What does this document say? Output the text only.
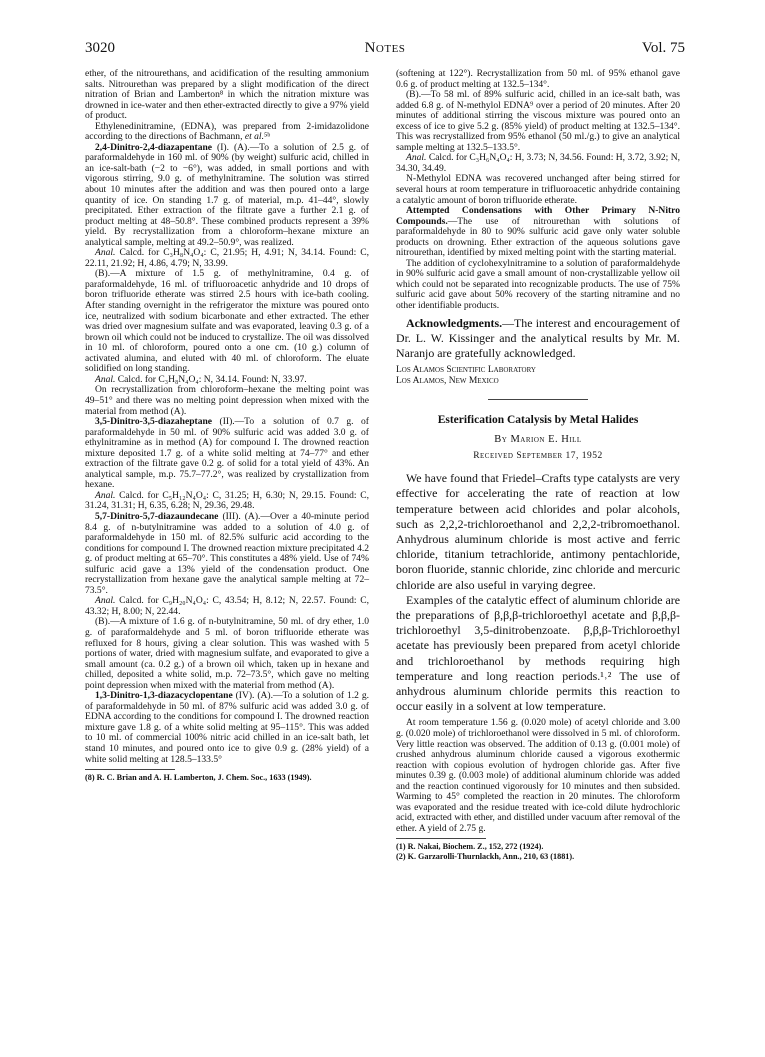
3020	Notes	Vol. 75

ether, of the nitrourethans, and acidification of the resulting ammonium salts. Nitrourethan was prepared by a slight modification of the direct nitration of Brian and Lamberton⁸ in which the nitration mixture was drowned in ice-water and then ether-extracted directly to give a 97% yield of product.

Ethylenedinitramine, (EDNA), was prepared from 2-imidazolidone according to the directions of Bachmann, et al.⁵ᵇ

2,4-Dinitro-2,4-diazapentane (I). (A).—To a solution of 2.5 g. of paraformaldehyde in 160 ml. of 90% (by weight) sulfuric acid, chilled in an ice-salt-bath (−2 to −6°), was added, in small portions and with vigorous stirring, 9.0 g. of methylnitramine. The solution was stirred about 10 minutes after the addition and was then poured onto a large quantity of ice. On standing 1.7 g. of material, m.p. 41–44°, slowly precipitated. Ether extraction of the filtrate gave a further 2.1 g. of product melting at 48–50.8°. These combined products represent a 39% yield. By recrystallization from a chloroform–hexane mixture an analytical sample, melting at 49.2–50.9°, was realized.

Anal. Calcd. for C₃H₈N₄O₄: C, 21.95; H, 4.91; N, 34.14. Found: C, 22.11, 21.92; H, 4.86, 4.79; N, 33.99.

(B).—A mixture of 1.5 g. of methylnitramine, 0.4 g. of paraformaldehyde, 16 ml. of trifluoroacetic anhydride and 10 drops of boron trifluoride etherate was stirred 2.5 hours with ice-bath cooling. After standing overnight in the refrigerator the mixture was poured onto ice, neutralized with sodium bicarbonate and ether extracted. The ether was dried over magnesium sulfate and was evaporated, leaving 0.3 g. of a brown oil which could not be induced to crystallize. The oil was dissolved in 10 ml. of chloroform, poured onto a one cm. (10 g.) column of activated alumina, and eluted with 40 ml. of chloroform. The eluate solidified on long standing.

Anal. Calcd. for C₃H₈N₄O₄: N, 34.14. Found: N, 33.97.

On recrystallization from chloroform–hexane the melting point was 49–51° and there was no melting point depression when mixed with the material from method (A).

3,5-Dinitro-3,5-diazaheptane (II).—To a solution of 0.7 g. of paraformaldehyde in 50 ml. of 90% sulfuric acid was added 3.0 g. of ethylnitramine as in method (A) for compound I. The drowned reaction mixture deposited 1.7 g. of a white solid melting at 74–77° and ether extraction of the filtrate gave 0.2 g. of solid for a total yield of 43%. An analytical sample, m.p. 75.7–77.2°, was realized by crystallization from hexane.

Anal. Calcd. for C₅H₁₂N₄O₄: C, 31.25; H, 6.30; N, 29.15. Found: C, 31.24, 31.31; H, 6.35, 6.28; N, 29.36, 29.48.

5,7-Dinitro-5,7-diazaundecane (III). (A).—Over a 40-minute period 8.4 g. of n-butylnitramine was added to a solution of 4.0 g. of paraformaldehyde in 150 ml. of 82.5% sulfuric acid according to the conditions for compound I. The drowned reaction mixture precipitated 4.2 g. of product melting at 65–70°. This constitutes a 48% yield. Use of 74% sulfuric acid gave a 13% yield of the condensation product. One recrystallization from hexane gave the analytical sample melting at 72–73.5°.

Anal. Calcd. for C₉H₂₀N₄O₄: C, 43.54; H, 8.12; N, 22.57. Found: C, 43.32; H, 8.00; N, 22.44.

(B).—A mixture of 1.6 g. of n-butylnitramine, 50 ml. of dry ether, 1.0 g. of paraformaldehyde and 5 ml. of boron trifluoride etherate was refluxed for 8 hours, giving a clear solution. This was washed with 5 portions of water, dried with magnesium sulfate, and evaporated to give a small amount (ca. 0.2 g.) of a brown oil which, taken up in hexane and chilled, deposited a white solid, m.p. 72–73.5°, which gave no melting point depression when mixed with the material from method (A).

1,3-Dinitro-1,3-diazacyclopentane (IV). (A).—To a solution of 1.2 g. of paraformaldehyde in 50 ml. of 87% sulfuric acid was added 3.0 g. of EDNA according to the conditions for compound I. The drowned reaction mixture gave 1.8 g. of a white solid melting at 95–115°. This was added to 10 ml. of commercial 100% nitric acid chilled in an ice-salt bath, let stand 10 minutes, and poured onto ice to give 0.9 g. (28% yield) of a white solid melting at 128.5–133.5°

(8) R. C. Brian and A. H. Lamberton, J. Chem. Soc., 1633 (1949).

(softening at 122°). Recrystallization from 50 ml. of 95% ethanol gave 0.6 g. of product melting at 132.5–134°.

(B).—To 58 ml. of 89% sulfuric acid, chilled in an ice-salt bath, was added 6.8 g. of N-methylol EDNA⁹ over a period of 20 minutes. After 20 minutes of additional stirring the viscous mixture was poured onto an excess of ice to give 5.2 g. (85% yield) of product melting at 132.5–134°. This was recrystallized from 95% ethanol (50 ml./g.) to give an analytical sample melting at 132.5–133.5°.

Anal. Calcd. for C₃H₆N₄O₄: H, 3.73; N, 34.56. Found: H, 3.72, 3.92; N, 34.30, 34.49.

N-Methylol EDNA was recovered unchanged after being stirred for several hours at room temperature in trifluoroacetic anhydride containing a catalytic amount of boron trifluoride etherate.

Attempted Condensations with Other Primary N-Nitro Compounds.—The use of nitrourethan with solutions of paraformaldehyde in 80 to 90% sulfuric acid gave only water soluble products on drowning. Ether extraction of the aqueous solutions gave nitrourethan, identified by mixed melting point with the starting material.

The addition of cyclohexylnitramine to a solution of paraformaldehyde in 90% sulfuric acid gave a small amount of non-crystallizable yellow oil which could not be separated into recognizable products. The use of 75% sulfuric acid gave about 50% recovery of the starting nitramine and no other identifiable products.

Acknowledgments.—The interest and encouragement of Dr. L. W. Kissinger and the analytical results by Mr. M. Naranjo are gratefully acknowledged.

Los Alamos Scientific Laboratory

Los Alamos, New Mexico

Esterification Catalysis by Metal Halides

By Marion E. Hill

Received September 17, 1952

We have found that Friedel–Crafts type catalysts are very effective for accelerating the rate of reaction at low temperature between acid chlorides and polar alcohols, such as 2,2,2-trichloroethanol and 2,2,2-tribromoethanol. Anhydrous aluminum chloride is most active and ferric chloride, titanium tetrachloride, antimony pentachloride, boron fluoride, stannic chloride, zinc chloride and mercuric chloride are also useful in varying degree.

Examples of the catalytic effect of aluminum chloride are the preparations of β,β,β-trichloroethyl acetate and β,β,β-trichloroethyl 3,5-dinitrobenzoate. β,β,β-Trichloroethyl acetate has previously been prepared from acetyl chloride and trichloroethanol by methods requiring high temperature and long reaction periods.¹˒² The use of anhydrous aluminum chloride permits this reaction to occur easily in a solvent at low temperature.

At room temperature 1.56 g. (0.020 mole) of acetyl chloride and 3.00 g. (0.020 mole) of trichloroethanol were dissolved in 5 ml. of chloroform. Very little reaction was observed. The addition of 0.13 g. (0.001 mole) of crushed anhydrous aluminum chloride caused a vigorous exothermic reaction with copious evolution of hydrogen chloride gas. After five minutes 0.39 g. (0.003 mole) of additional aluminum chloride was added and the reaction continued vigorously for 10 minutes and then subsided. Warming to 45° completed the reaction in 20 minutes. The chloroform was evaporated and the residue treated with ice-cold dilute hydrochloric acid, extracted with ether, and distilled under vacuum after removal of the ether. A yield of 2.75 g.

(1) R. Nakai, Biochem. Z., 152, 272 (1924).

(2) K. Garzarolli-Thurnlackh, Ann., 210, 63 (1881).
